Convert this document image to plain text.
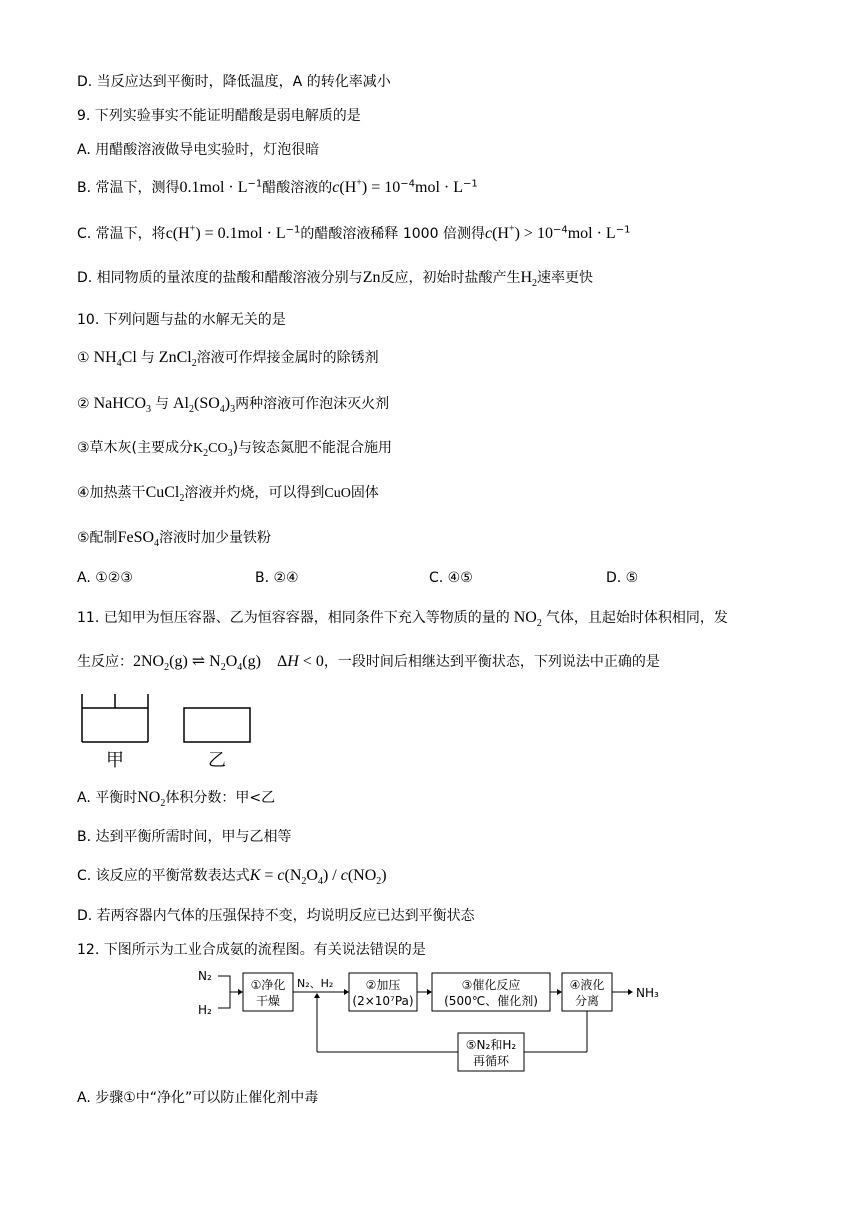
D. 当反应达到平衡时，降低温度，A 的转化率减小
9. 下列实验事实不能证明醋酸是弱电解质的是
A. 用醋酸溶液做导电实验时，灯泡很暗
B. 常温下，测得$0.1mol \cdot L^{-1}$醋酸溶液的$c(H^+) = 10^{-4}mol \cdot L^{-1}$
C. 常温下，将$c(H^+) = 0.1mol \cdot L^{-1}$的醋酸溶液稀释 1000 倍测得$c(H^+) > 10^{-4}mol \cdot L^{-1}$
D. 相同物质的量浓度的盐酸和醋酸溶液分别与Zn反应，初始时盐酸产生$H_2$速率更快
10. 下列问题与盐的水解无关的是
① $NH_4Cl$ 与 ZnCl$_2$溶液可作焊接金属时的除锈剂
② NaHCO$_3$ 与 $Al_2(SO_4)_3$两种溶液可作泡沫灭火剂
③草木灰(主要成分$K_2CO_3$)与铵态氮肥不能混合施用
④加热蒸干CuCl$_2$溶液并灼烧，可以得到CuO固体
⑤配制FeSO$_4$溶液时加少量铁粉
A. ①②③	B. ②④	C. ④⑤	D. ⑤
11. 已知甲为恒压容器、乙为恒容容器，相同条件下充入等物质的量的 $NO_2$ 气体，且起始时体积相同，发
生反应：$2NO_2(g)$ ⇌ $N_2O_4(g)$    ΔH < 0，一段时间后相继达到平衡状态，下列说法中正确的是
甲	乙
A. 平衡时$NO_2$体积分数：甲<乙
B. 达到平衡所需时间，甲与乙相等
C. 该反应的平衡常数表达式$K = c(N_2O_4) / c(NO_2)$
D. 若两容器内气体的压强保持不变，均说明反应已达到平衡状态
12. 下图所示为工业合成氨的流程图。有关说法错误的是
N₂
H₂
①净化
干燥
N₂、H₂	②加压
(2×10⁷Pa)
③催化反应
(500℃、催化剂)
④液化
分离
NH₃
⑤N₂和H₂
再循环
A. 步骤①中“净化”可以防止催化剂中毒
